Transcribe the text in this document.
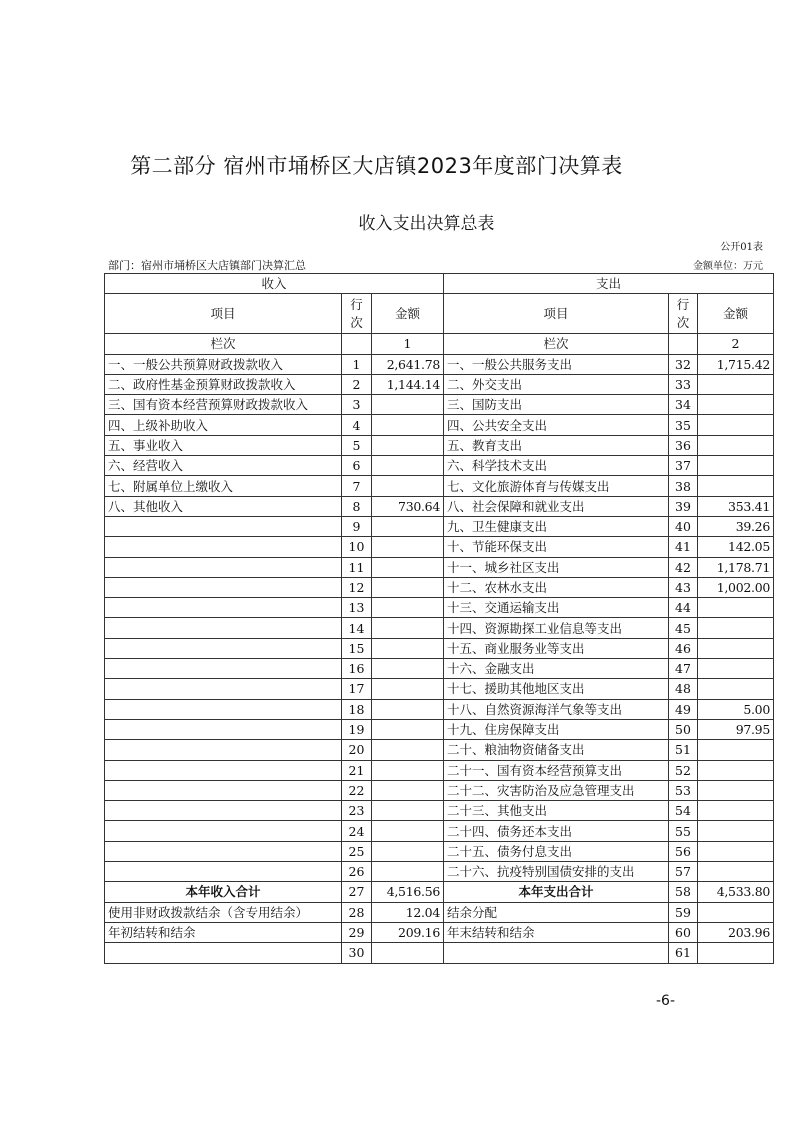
第二部分 宿州市埇桥区大店镇2023年度部门决算表
收入支出决算总表
公开01表
部门：宿州市埇桥区大店镇部门决算汇总	金额单位：万元
收入			支出		
项目	行次	金额	项目	行次	金额
栏次		1	栏次		2
一、一般公共预算财政拨款收入	1	2,641.78	一、一般公共服务支出	32	1,715.42
二、政府性基金预算财政拨款收入	2	1,144.14	二、外交支出	33	
三、国有资本经营预算财政拨款收入	3		三、国防支出	34	
四、上级补助收入	4		四、公共安全支出	35	
五、事业收入	5		五、教育支出	36	
六、经营收入	6		六、科学技术支出	37	
七、附属单位上缴收入	7		七、文化旅游体育与传媒支出	38	
八、其他收入	8	730.64	八、社会保障和就业支出	39	353.41
	9		九、卫生健康支出	40	39.26
	10		十、节能环保支出	41	142.05
	11		十一、城乡社区支出	42	1,178.71
	12		十二、农林水支出	43	1,002.00
	13		十三、交通运输支出	44	
	14		十四、资源勘探工业信息等支出	45	
	15		十五、商业服务业等支出	46	
	16		十六、金融支出	47	
	17		十七、援助其他地区支出	48	
	18		十八、自然资源海洋气象等支出	49	5.00
	19		十九、住房保障支出	50	97.95
	20		二十、粮油物资储备支出	51	
	21		二十一、国有资本经营预算支出	52	
	22		二十二、灾害防治及应急管理支出	53	
	23		二十三、其他支出	54	
	24		二十四、债务还本支出	55	
	25		二十五、债务付息支出	56	
	26		二十六、抗疫特别国债安排的支出	57	
本年收入合计	27	4,516.56	本年支出合计	58	4,533.80
使用非财政拨款结余（含专用结余）	28	12.04	结余分配	59	
年初结转和结余	29	209.16	年末结转和结余	60	203.96
	30			61	
-6-
